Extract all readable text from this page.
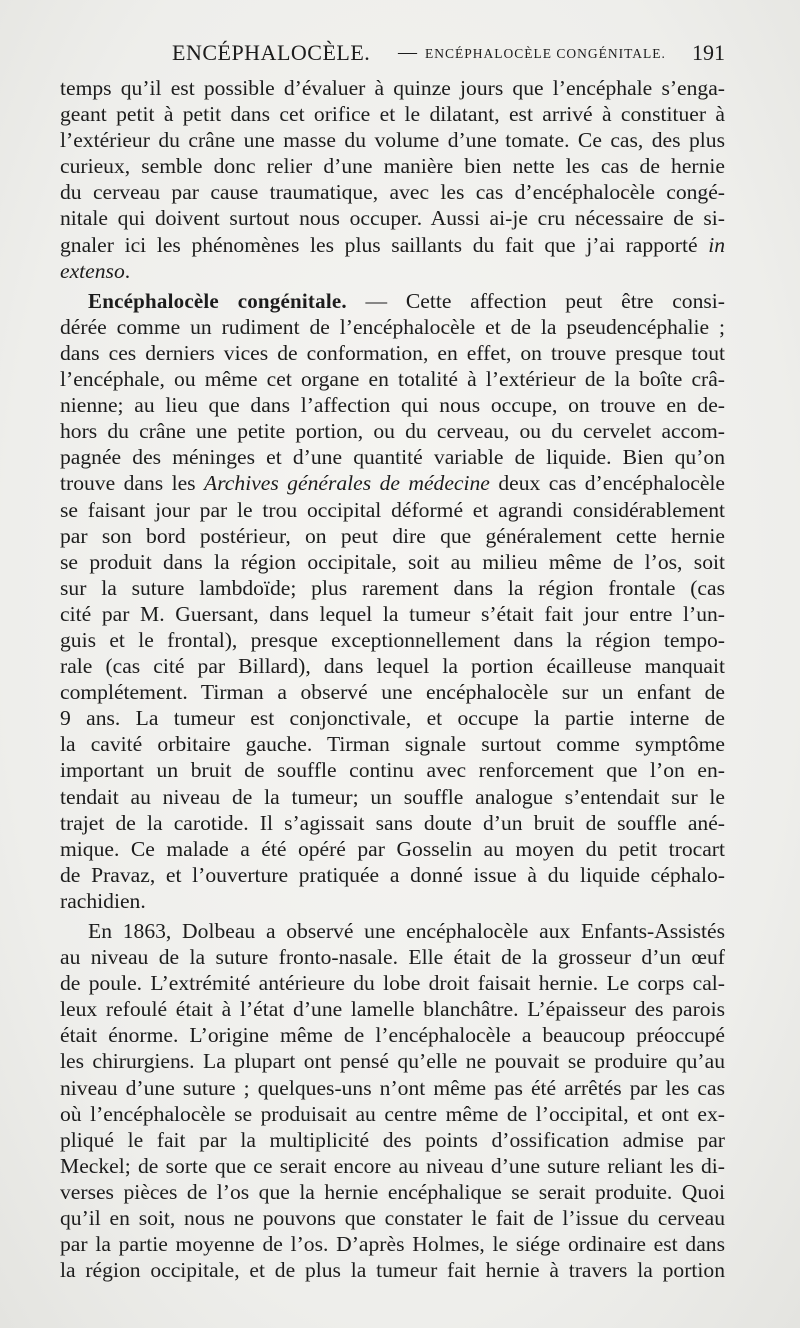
ENCÉPHALOCÈLE. — ENCÉPHALOCÈLE CONGÉNITALE. 191
temps qu’il est possible d’évaluer à quinze jours que l’encéphale s’enga-
geant petit à petit dans cet orifice et le dilatant, est arrivé à constituer à
l’extérieur du crâne une masse du volume d’une tomate. Ce cas, des plus
curieux, semble donc relier d’une manière bien nette les cas de hernie
du cerveau par cause traumatique, avec les cas d’encéphalocèle congé-
nitale qui doivent surtout nous occuper. Aussi ai-je cru nécessaire de si-
gnaler ici les phénomènes les plus saillants du fait que j’ai rapporté in
extenso.
Encéphalocèle congénitale. — Cette affection peut être consi-
dérée comme un rudiment de l’encéphalocèle et de la pseudencéphalie ;
dans ces derniers vices de conformation, en effet, on trouve presque tout
l’encéphale, ou même cet organe en totalité à l’extérieur de la boîte crâ-
nienne; au lieu que dans l’affection qui nous occupe, on trouve en de-
hors du crâne une petite portion, ou du cerveau, ou du cervelet accom-
pagnée des méninges et d’une quantité variable de liquide. Bien qu’on
trouve dans les Archives générales de médecine deux cas d’encéphalocèle
se faisant jour par le trou occipital déformé et agrandi considérablement
par son bord postérieur, on peut dire que généralement cette hernie
se produit dans la région occipitale, soit au milieu même de l’os, soit
sur la suture lambdoïde; plus rarement dans la région frontale (cas
cité par M. Guersant, dans lequel la tumeur s’était fait jour entre l’un-
guis et le frontal), presque exceptionnellement dans la région tempo-
rale (cas cité par Billard), dans lequel la portion écailleuse manquait
complétement. Tirman a observé une encéphalocèle sur un enfant de
9 ans. La tumeur est conjonctivale, et occupe la partie interne de
la cavité orbitaire gauche. Tirman signale surtout comme symptôme
important un bruit de souffle continu avec renforcement que l’on en-
tendait au niveau de la tumeur; un souffle analogue s’entendait sur le
trajet de la carotide. Il s’agissait sans doute d’un bruit de souffle ané-
mique. Ce malade a été opéré par Gosselin au moyen du petit trocart
de Pravaz, et l’ouverture pratiquée a donné issue à du liquide céphalo-
rachidien.
En 1863, Dolbeau a observé une encéphalocèle aux Enfants-Assistés
au niveau de la suture fronto-nasale. Elle était de la grosseur d’un œuf
de poule. L’extrémité antérieure du lobe droit faisait hernie. Le corps cal-
leux refoulé était à l’état d’une lamelle blanchâtre. L’épaisseur des parois
était énorme. L’origine même de l’encéphalocèle a beaucoup préoccupé
les chirurgiens. La plupart ont pensé qu’elle ne pouvait se produire qu’au
niveau d’une suture ; quelques-uns n’ont même pas été arrêtés par les cas
où l’encéphalocèle se produisait au centre même de l’occipital, et ont ex-
pliqué le fait par la multiplicité des points d’ossification admise par
Meckel; de sorte que ce serait encore au niveau d’une suture reliant les di-
verses pièces de l’os que la hernie encéphalique se serait produite. Quoi
qu’il en soit, nous ne pouvons que constater le fait de l’issue du cerveau
par la partie moyenne de l’os. D’après Holmes, le siége ordinaire est dans
la région occipitale, et de plus la tumeur fait hernie à travers la portion
